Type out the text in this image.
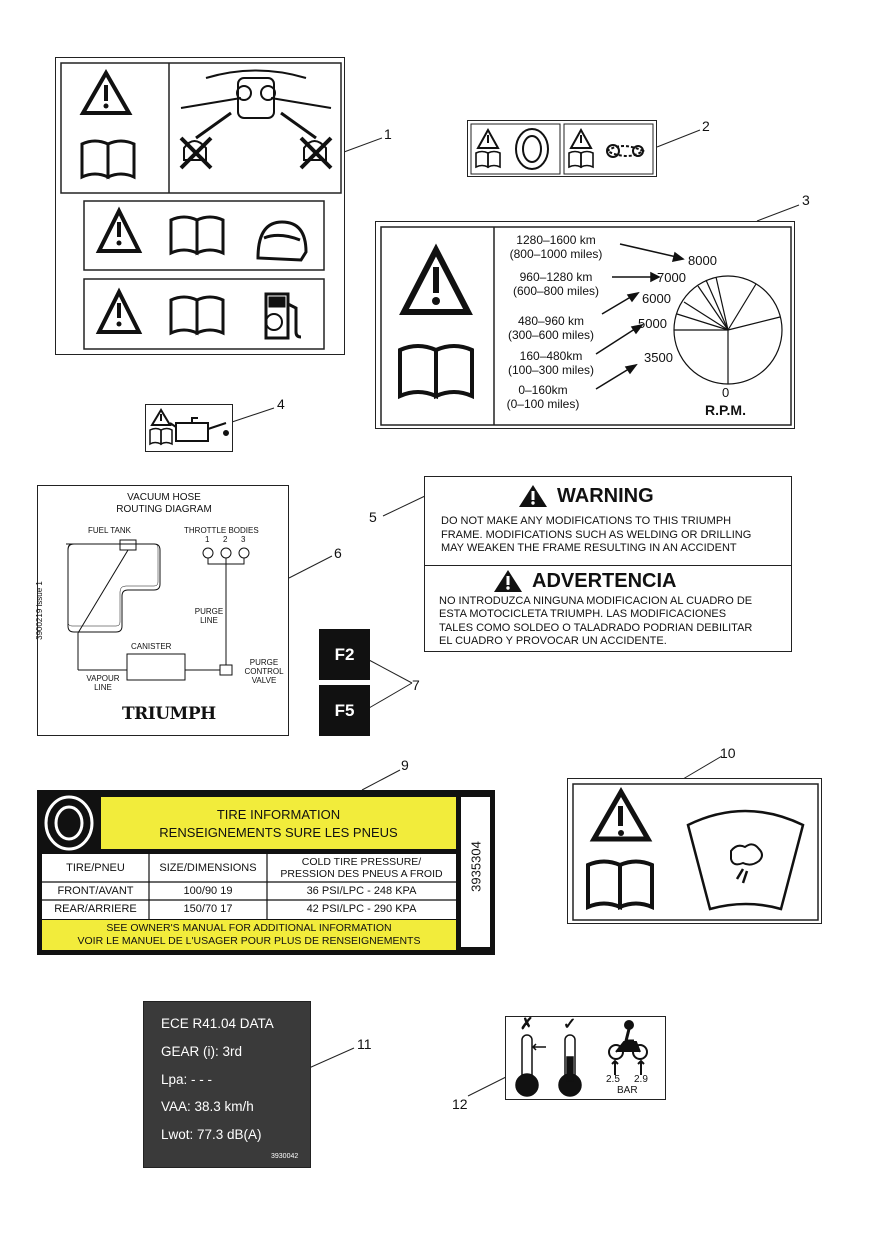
1	2
3
4
5
6
7
9
10
11
12
1280–1600 km
(800–1000 miles)
960–1280 km
(600–800 miles)
480–960 km
(300–600 miles)
160–480km
(100–300 miles)
0–160km
(0–100 miles)
8000
7000
6000
5000
3500
0
R.P.M.
WARNING
DO NOT MAKE ANY MODIFICATIONS TO THIS TRIUMPH
FRAME. MODIFICATIONS SUCH AS WELDING OR DRILLING
MAY WEAKEN THE FRAME RESULTING IN AN ACCIDENT
ADVERTENCIA
NO INTRODUZCA NINGUNA MODIFICACION AL CUADRO DE
ESTA MOTOCICLETA TRIUMPH. LAS MODIFICACIONES
TALES COMO SOLDEO O TALADRADO PODRIAN DEBILITAR
EL CUADRO Y PROVOCAR UN ACCIDENTE.
VACUUM HOSE
ROUTING DIAGRAM
FUEL TANK	THROTTLE BODIES
1 2 3
PURGE
LINE
CANISTER
PURGE
CONTROL
VALVE
VAPOUR
LINE
3900219 issue 1
TRIUMPH
F2
F5
TIRE INFORMATION
RENSEIGNEMENTS SURE LES PNEUS
TIRE/PNEU	SIZE/DIMENSIONS	COLD TIRE PRESSURE/
PRESSION DES PNEUS A FROID
FRONT/AVANT	100/90 19	36 PSI/LPC - 248 KPA
REAR/ARRIERE	150/70 17	42 PSI/LPC - 290 KPA
SEE OWNER'S MANUAL FOR ADDITIONAL INFORMATION
VOIR LE MANUEL DE L'USAGER POUR PLUS DE RENSEIGNEMENTS
3935304
ECE R41.04 DATA
GEAR (i): 3rd
Lpa: - - -
VAA: 38.3 km/h
Lwot: 77.3 dB(A)
3930042
✗ ✓
2.5 2.9
BAR
